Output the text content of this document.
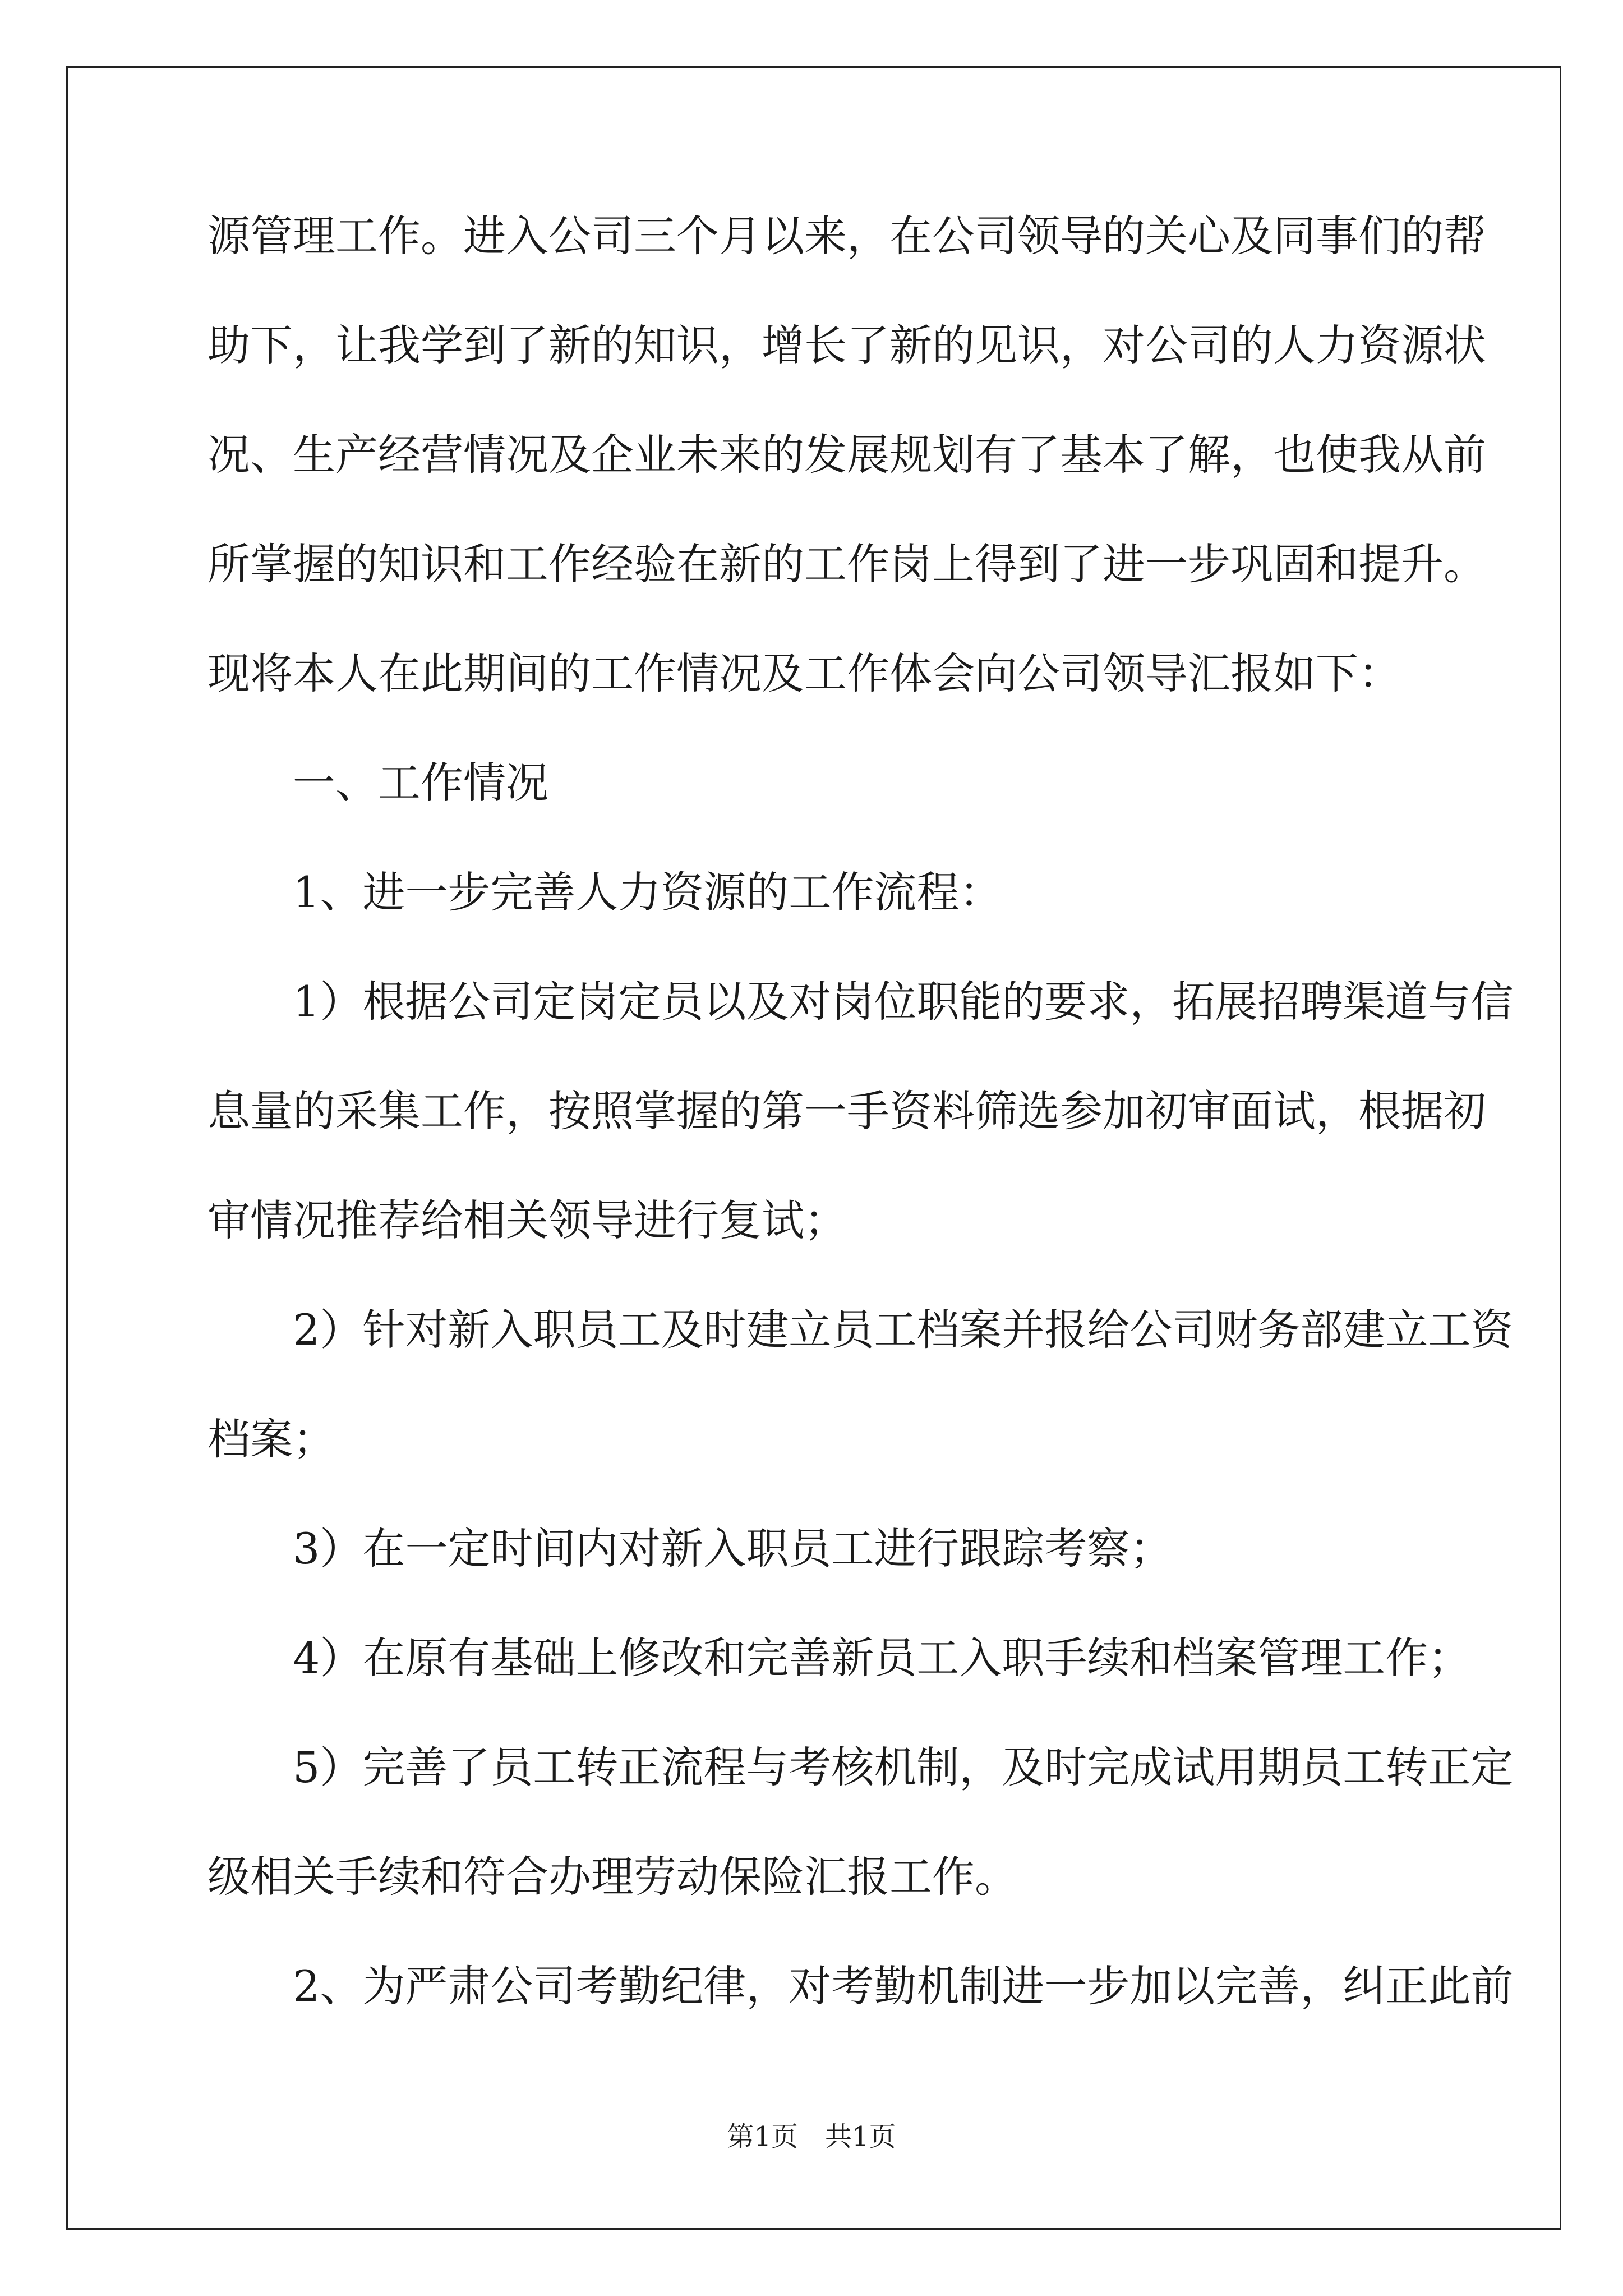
源管理工作。进入公司三个月以来，在公司领导的关心及同事们的帮
助下，让我学到了新的知识，增长了新的见识，对公司的人力资源状
况、生产经营情况及企业未来的发展规划有了基本了解，也使我从前
所掌握的知识和工作经验在新的工作岗上得到了进一步巩固和提升。
现将本人在此期间的工作情况及工作体会向公司领导汇报如下：
一、工作情况
1、进一步完善人力资源的工作流程：
1）根据公司定岗定员以及对岗位职能的要求，拓展招聘渠道与信
息量的采集工作，按照掌握的第一手资料筛选参加初审面试，根据初
审情况推荐给相关领导进行复试；
2）针对新入职员工及时建立员工档案并报给公司财务部建立工资
档案；
3）在一定时间内对新入职员工进行跟踪考察；
4）在原有基础上修改和完善新员工入职手续和档案管理工作；
5）完善了员工转正流程与考核机制，及时完成试用期员工转正定
级相关手续和符合办理劳动保险汇报工作。
2、为严肃公司考勤纪律，对考勤机制进一步加以完善，纠正此前
第1页　共1页
